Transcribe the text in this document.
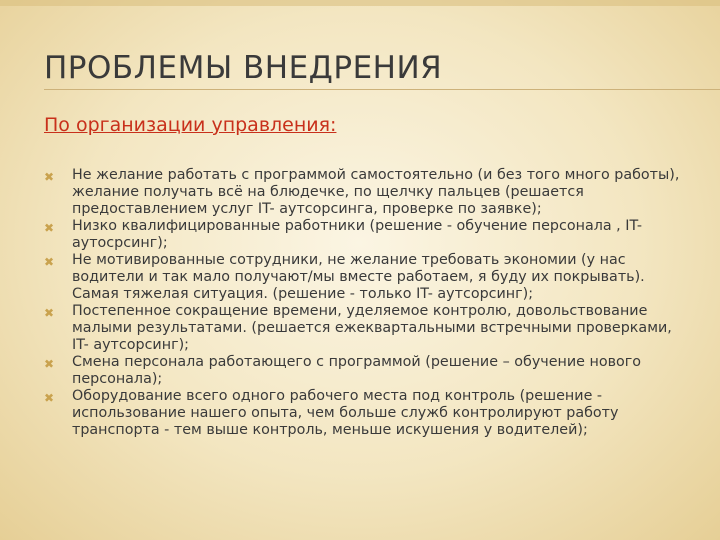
ПРОБЛЕМЫ ВНЕДРЕНИЯ
По организации управления:
✖ Не желание работать с программой самостоятельно (и без того много работы), желание получать всё на блюдечке, по щелчку пальцев (решается предоставлением услуг IT- аутсорсинга, проверке по заявке);
✖ Низко квалифицированные работники (решение - обучение персонала , IT-аутосрсинг);
✖ Не мотивированные сотрудники, не желание требовать экономии (у нас водители и так мало получают/мы вместе работаем, я буду их покрывать). Самая тяжелая ситуация. (решение - только IT- аутсорсинг);
✖ Постепенное сокращение времени, уделяемое контролю, довольствование малыми результатами. (решается ежеквартальными встречными проверками, IT- аутсорсинг);
✖ Смена персонала работающего с программой (решение – обучение нового персонала);
✖ Оборудование всего одного рабочего места под контроль (решение - использование нашего опыта, чем больше служб контролируют работу транспорта - тем выше контроль, меньше искушения у водителей);
